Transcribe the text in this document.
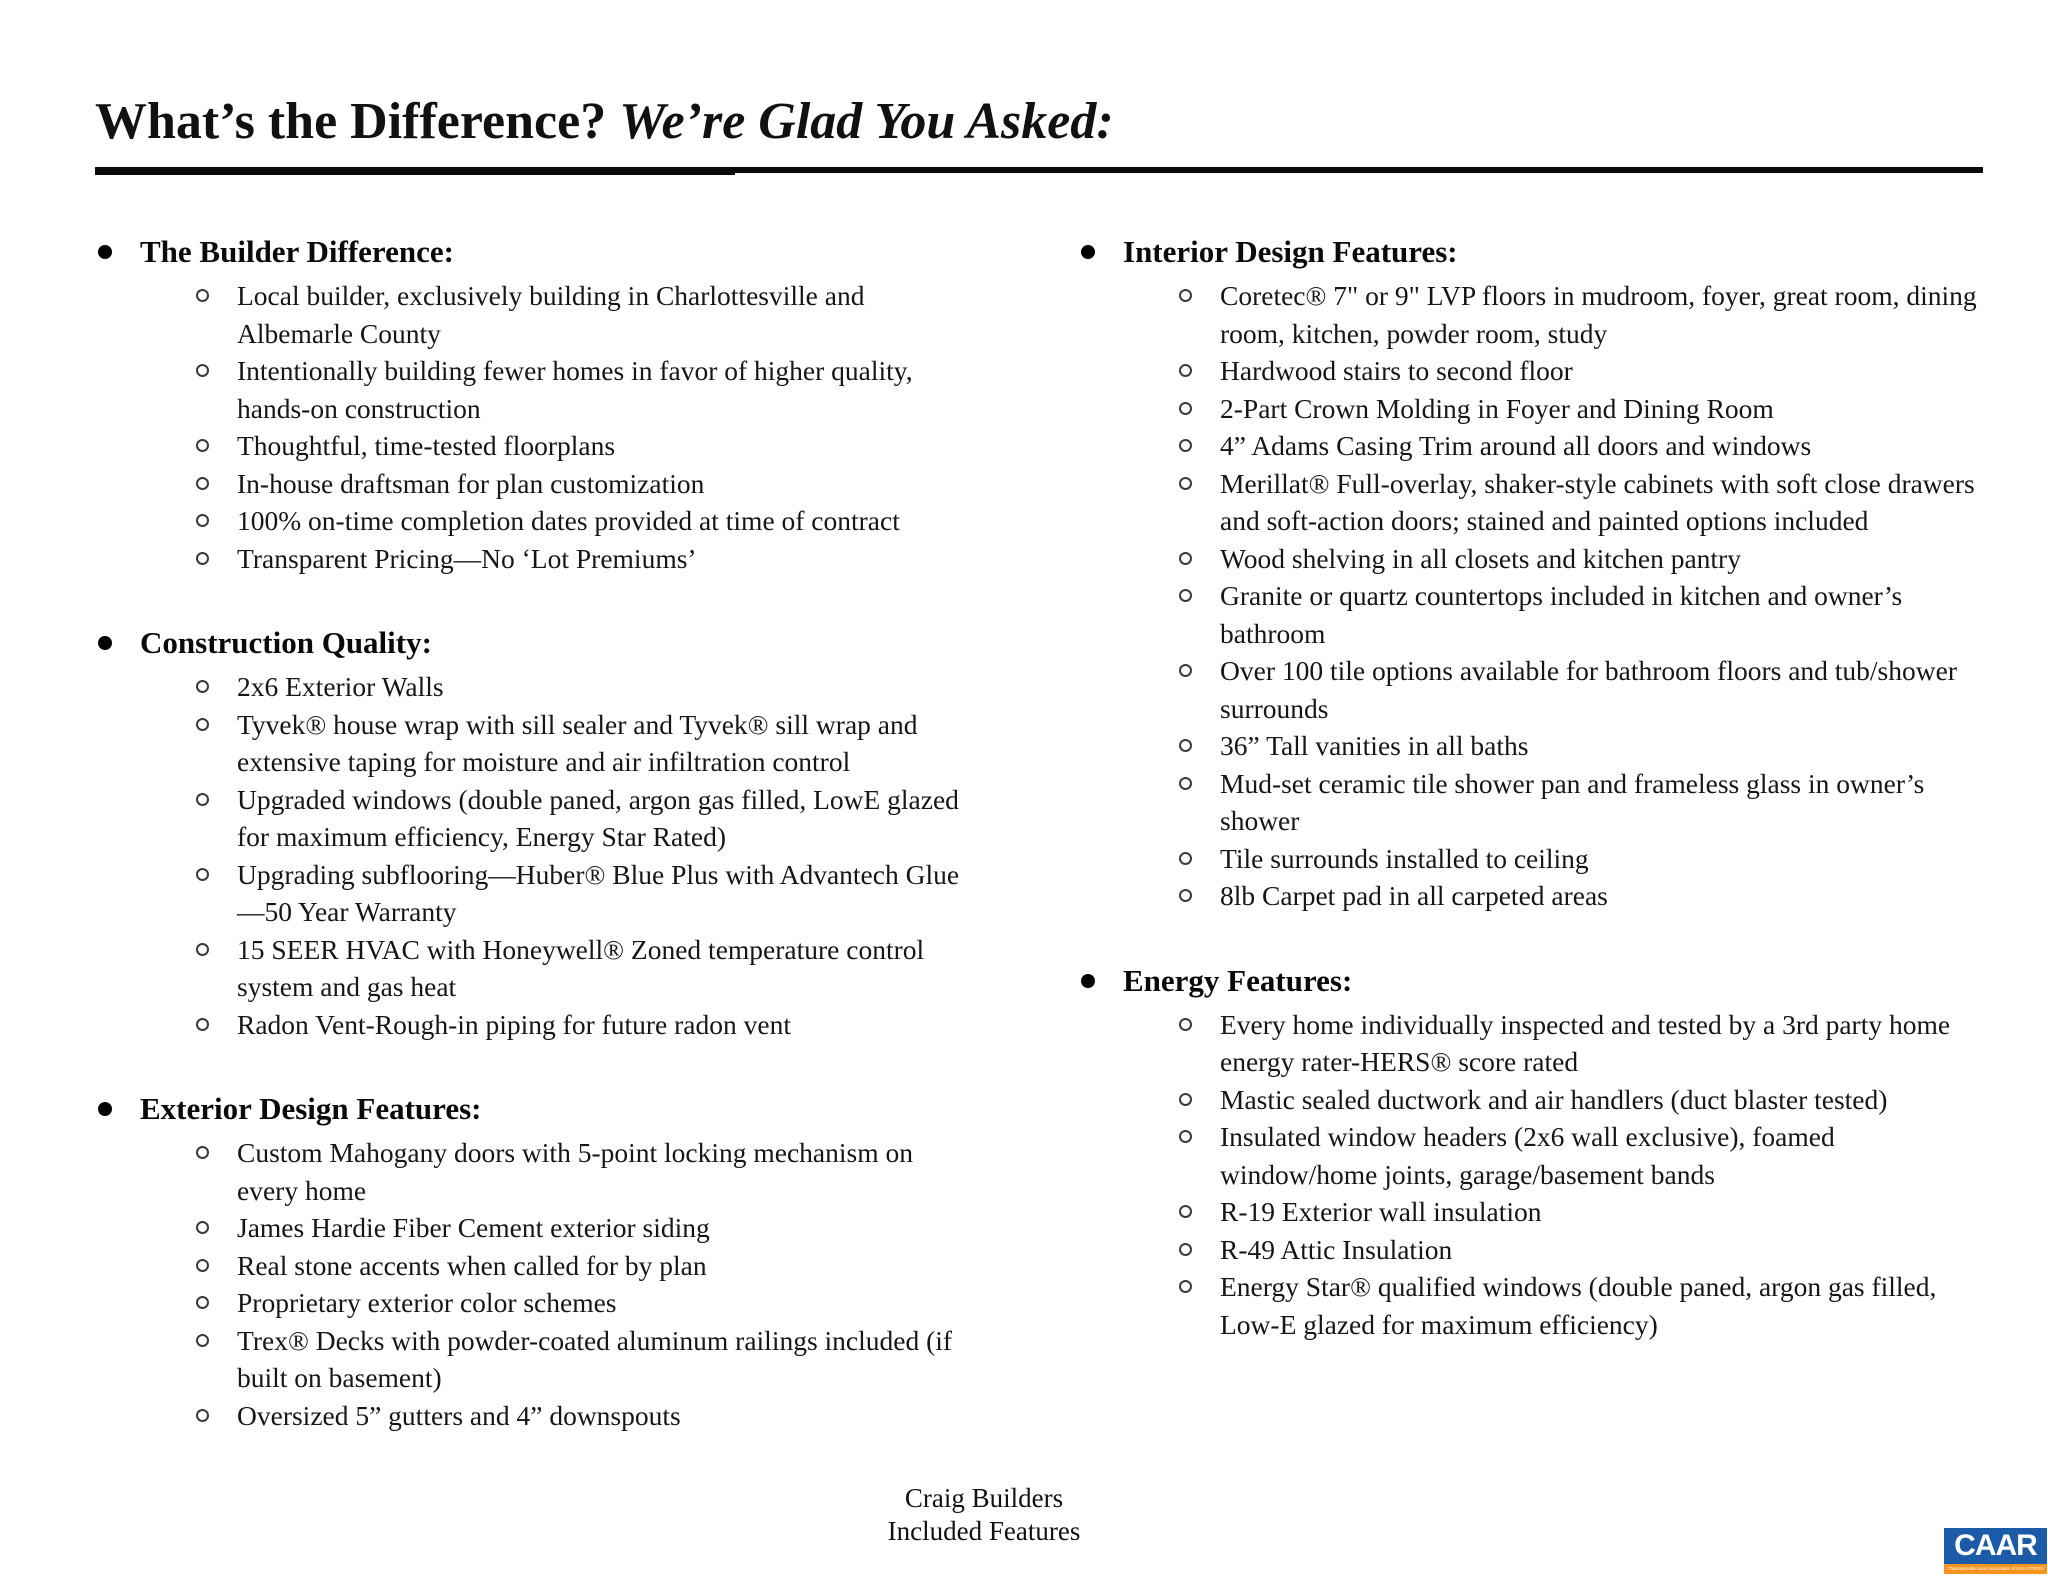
What’s the Difference? We’re Glad You Asked:
The Builder Difference:
Local builder, exclusively building in Charlottesville and Albemarle County
Intentionally building fewer homes in favor of higher quality, hands-on construction
Thoughtful, time-tested floorplans
In-house draftsman for plan customization
100% on-time completion dates provided at time of contract
Transparent Pricing—No ‘Lot Premiums’
Construction Quality:
2x6 Exterior Walls
Tyvek® house wrap with sill sealer and Tyvek® sill wrap and extensive taping for moisture and air infiltration control
Upgraded windows (double paned, argon gas filled, LowE glazed for maximum efficiency, Energy Star Rated)
Upgrading subflooring—Huber® Blue Plus with Advantech Glue—50 Year Warranty
15 SEER HVAC with Honeywell® Zoned temperature control system and gas heat
Radon Vent-Rough-in piping for future radon vent
Exterior Design Features:
Custom Mahogany doors with 5-point locking mechanism on every home
James Hardie Fiber Cement exterior siding
Real stone accents when called for by plan
Proprietary exterior color schemes
Trex® Decks with powder-coated aluminum railings included (if built on basement)
Oversized 5” gutters and 4” downspouts
Interior Design Features:
Coretec® 7" or 9" LVP floors in mudroom, foyer, great room, dining room, kitchen, powder room, study
Hardwood stairs to second floor
2-Part Crown Molding in Foyer and Dining Room
4” Adams Casing Trim around all doors and windows
Merillat® Full-overlay, shaker-style cabinets with soft close drawers and soft-action doors; stained and painted options included
Wood shelving in all closets and kitchen pantry
Granite or quartz countertops included in kitchen and owner’s bathroom
Over 100 tile options available for bathroom floors and tub/shower surrounds
36” Tall vanities in all baths
Mud-set ceramic tile shower pan and frameless glass in owner’s shower
Tile surrounds installed to ceiling
8lb Carpet pad in all carpeted areas
Energy Features:
Every home individually inspected and tested by a 3rd party home energy rater-HERS® score rated
Mastic sealed ductwork and air handlers (duct blaster tested)
Insulated window headers (2x6 wall exclusive), foamed window/home joints, garage/basement bands
R-19 Exterior wall insulation
R-49 Attic Insulation
Energy Star® qualified windows (double paned, argon gas filled, Low-E glazed for maximum efficiency)
Craig Builders
Included Features	CAAR
Charlottesville Area Association of REALTORS®
